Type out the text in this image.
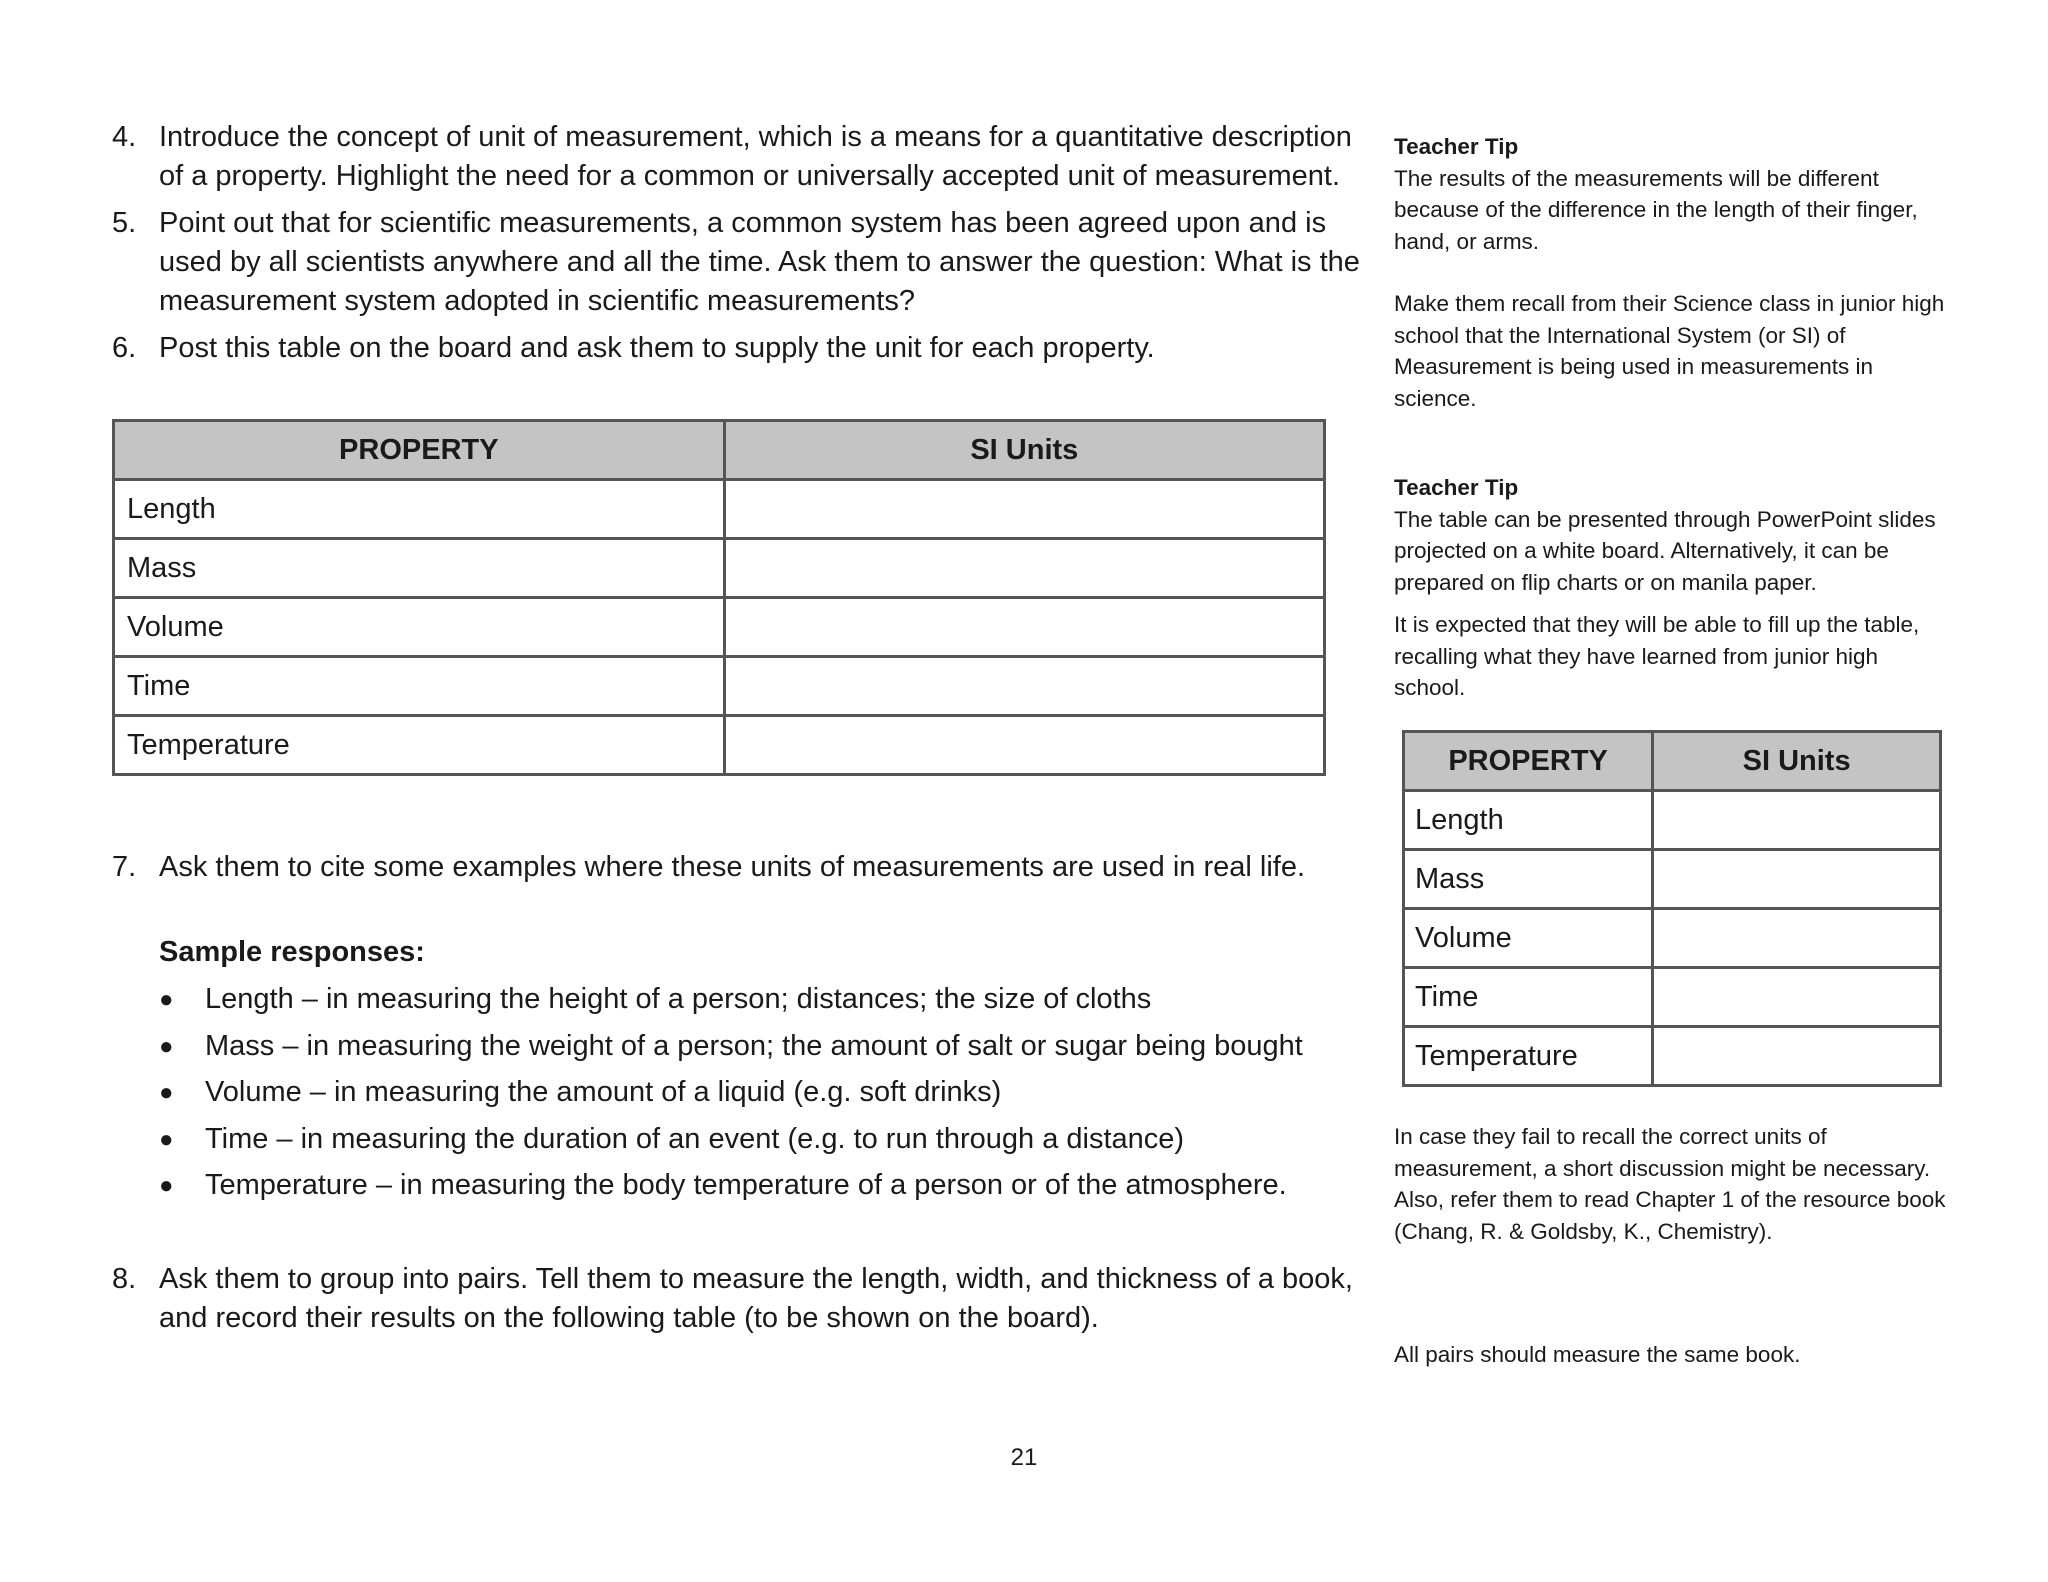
4. Introduce the concept of unit of measurement, which is a means for a quantitative description of a property. Highlight the need for a common or universally accepted unit of measurement.
5. Point out that for scientific measurements, a common system has been agreed upon and is used by all scientists anywhere and all the time. Ask them to answer the question: What is the measurement system adopted in scientific measurements?
6. Post this table on the board and ask them to supply the unit for each property.
PROPERTY	SI Units
Length	
Mass	
Volume	
Time	
Temperature	
7. Ask them to cite some examples where these units of measurements are used in real life.
Sample responses:
●	Length – in measuring the height of a person; distances; the size of cloths
●	Mass – in measuring the weight of a person; the amount of salt or sugar being bought
●	Volume – in measuring the amount of a liquid (e.g. soft drinks)
●	Time – in measuring the duration of an event (e.g. to run through a distance)
●	Temperature – in measuring the body temperature of a person or of the atmosphere.
8. Ask them to group into pairs. Tell them to measure the length, width, and thickness of a book, and record their results on the following table (to be shown on the board).
21
Teacher Tip

The results of the measurements will be different because of the difference in the length of their finger, hand, or arms.

Make them recall from their Science class in junior high school that the International System (or SI) of Measurement is being used in measurements in science.

Teacher Tip

The table can be presented through PowerPoint slides projected on a white board. Alternatively, it can be prepared on flip charts or on manila paper.

It is expected that they will be able to fill up the table, recalling what they have learned from junior high school.

PROPERTY	SI Units
Length	
Mass	
Volume	
Time	
Temperature	

In case they fail to recall the correct units of measurement, a short discussion might be necessary. Also, refer them to read Chapter 1 of the resource book (Chang, R. & Goldsby, K., Chemistry).

All pairs should measure the same book.
